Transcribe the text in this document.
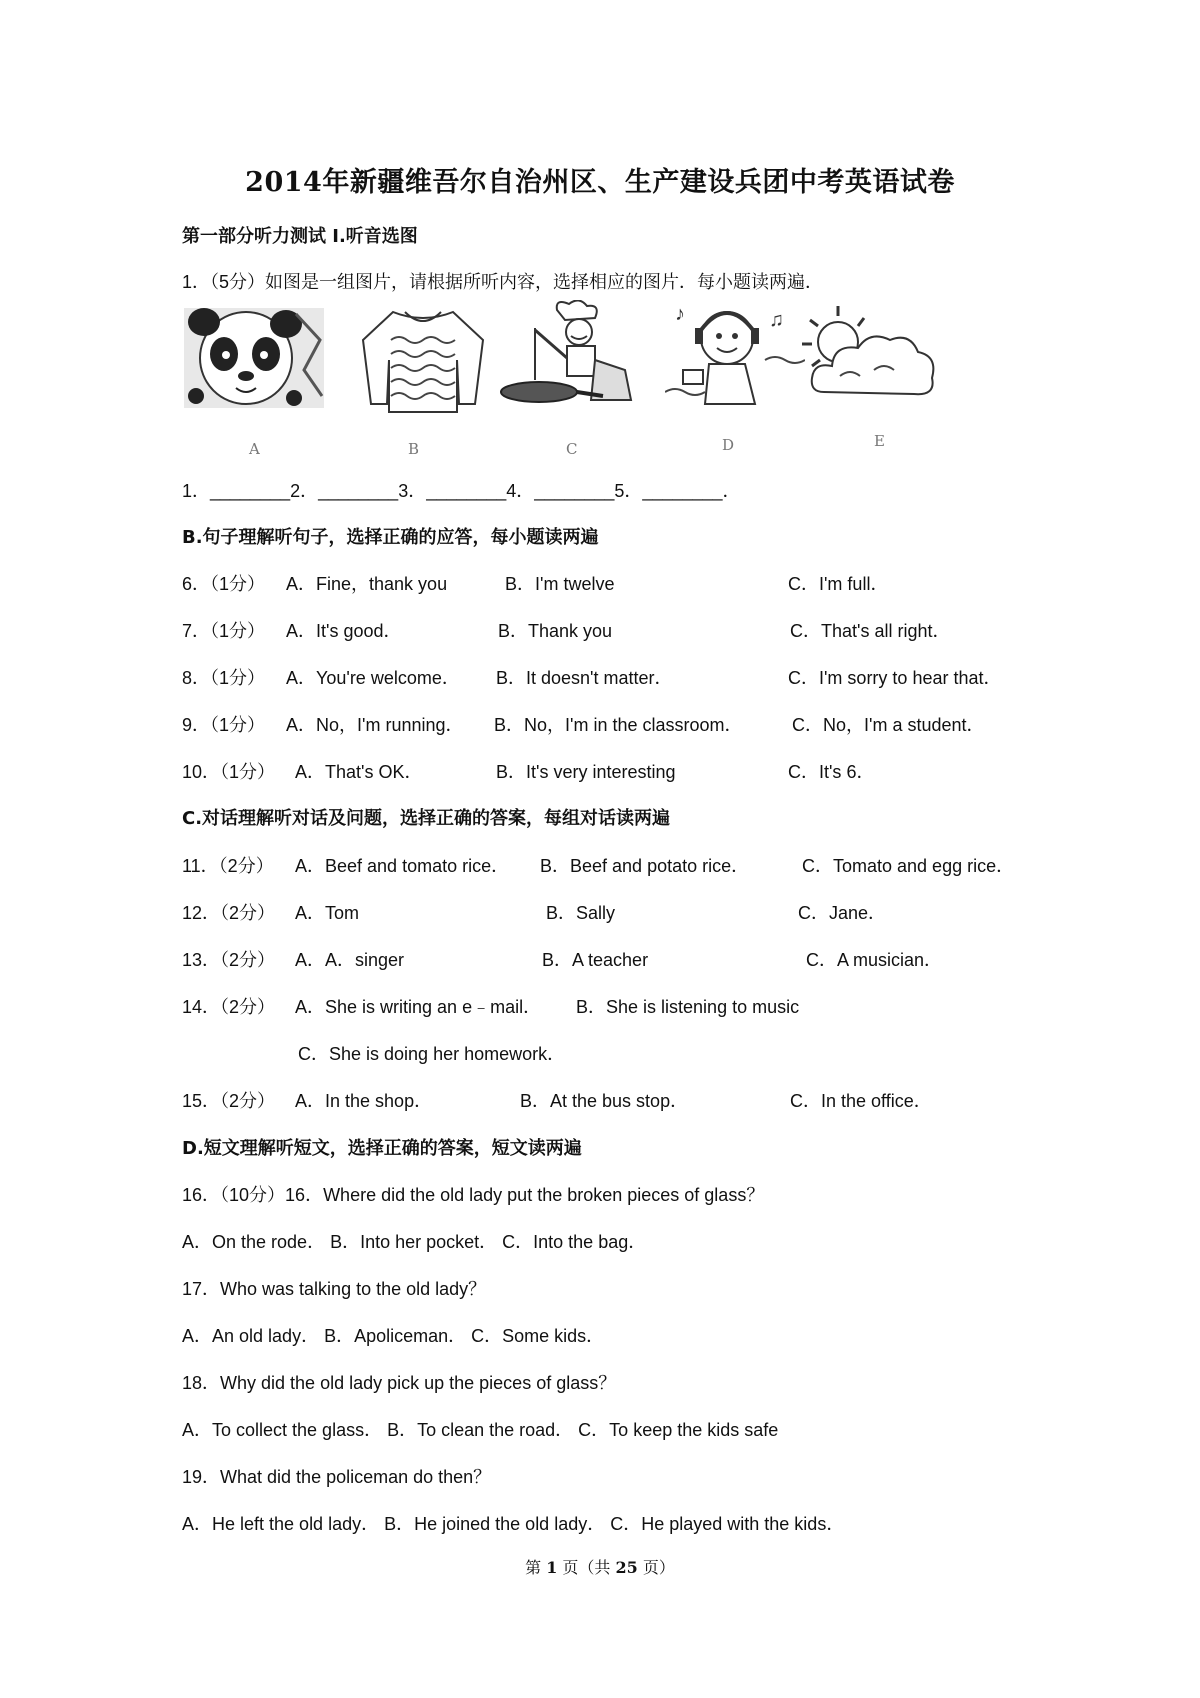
2014年新疆维吾尔自治州区、生产建设兵团中考英语试卷
第一部分听力测试 I.听音选图
1．（5分）如图是一组图片，请根据所听内容，选择相应的图片．每小题读两遍．
A	B	C
♪	♫
D	E
1．________2．________3．________4．________5．________．
B.句子理解听句子，选择正确的应答，每小题读两遍
6．（1分） A．Fine，thank you	B．I'm twelve	C．I'm full．
7．（1分） A．It's good．	B．Thank you	C．That's all right．
8．（1分） A．You're welcome． B．It doesn't matter．	C．I'm sorry to hear that．
9．（1分） A．No，I'm running． B．No，I'm in the classroom．	C．No，I'm a student．
10．（1分） A．That's OK．	B．It's very interesting	C．It's 6．
C.对话理解听对话及问题，选择正确的答案，每组对话读两遍
11．（2分） A．Beef and tomato rice． B．Beef and potato rice．	C．Tomato and egg rice．
12．（2分） A．Tom	B．Sally	C．Jane．
13．（2分） A．A．singer	B．A teacher	C．A musician．
14．（2分） A．She is writing an e﹣mail． B．She is listening to music
C．She is doing her homework．
15．（2分） A．In the shop．	B．At the bus stop．	C．In the office．
D.短文理解听短文，选择正确的答案，短文读两遍
16．（10分）16．Where did the old lady put the broken pieces of glass？
A．On the rode． B．Into her pocket． C．Into the bag．
17．Who was talking to the old lady？
A．An old lady． B．Apoliceman． C．Some kids．
18．Why did the old lady pick up the pieces of glass？
A．To collect the glass． B．To clean the road． C．To keep the kids safe
19．What did the policeman do then？
A．He left the old lady． B．He joined the old lady． C．He played with the kids．
第 1 页（共 25 页）
